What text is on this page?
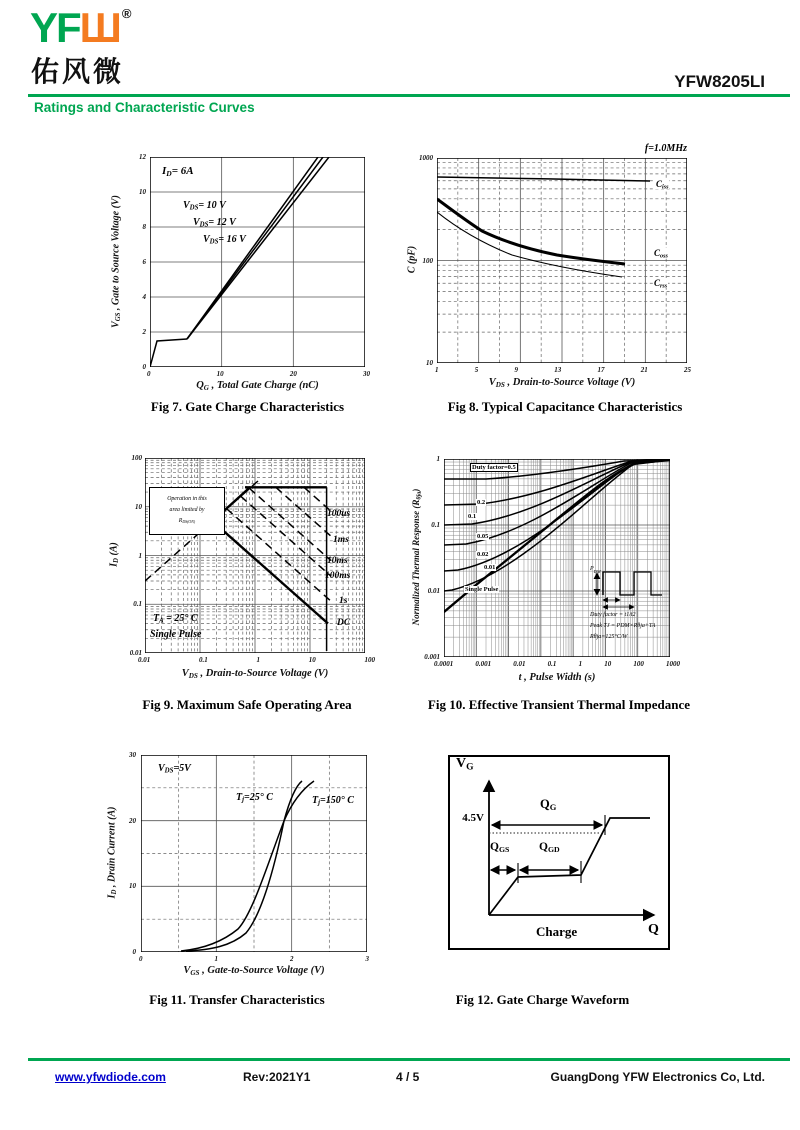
YFШ®
佑风微	YFW8205LI
Ratings and Characteristic Curves
12
10
8
6
4
2
0
0	10	20	30
$V_{GS}$ , Gate to Source Voltage (V)
$Q_G$ , Total Gate Charge (nC)
$I_D= 6A$
$V_{DS}= 10$ V
$V_{DS}= 12$ V
$V_{DS}= 16$ V
Fig 7. Gate Charge Characteristics
f=1.0MHz
1000
100
10
1	5	9	13	17	21	25
C (pF)
$V_{DS}$ , Drain-to-Source Voltage (V)
$C_{iss}$
$C_{oss}$
$C_{rss}$
Fig 8. Typical Capacitance Characteristics
Operation in this
area limited by
$R_{DS(ON)}$
$T_A = 25^\circ$ C
Single Pulse
100us
1ms
10ms
100ms
1s
DC
100
10
1
0.1
0.01
0.01	0.1	1	10	100
$I_D$ (A)
$V_{DS}$ , Drain-to-Source Voltage (V)
Fig 9. Maximum Safe Operating Area
Duty factor=0.5
0.2
0.1
0.05
0.02
0.01
Single Pulse
$P_{DM}$
Duty factor = t1/t2
Peak TJ = PDM×Rθja+TA
Rθja=125°C/W
1
0.1
0.01
0.001
0.0001	0.001	0.01	0.1	1	10	100	1000
Normalized Thermal Response $(R_{\theta ja})$
t , Pulse Width (s)
Fig 10. Effective Transient Thermal Impedance
$V_{DS}=5V$
$T_j=25^\circ$ C	$T_j=150^\circ$ C
30
20
10
0
0	1	2	3
$I_D$ , Drain Current (A)
$V_{GS}$ , Gate-to-Source Voltage (V)
Fig 11. Transfer Characteristics
$V_G$
4.5V
$Q_G$
$Q_{GS}$	$Q_{GD}$
Charge	Q
Fig 12. Gate Charge Waveform
www.yfwdiode.com	Rev:2021Y1	4 / 5	GuangDong YFW Electronics Co, Ltd.
